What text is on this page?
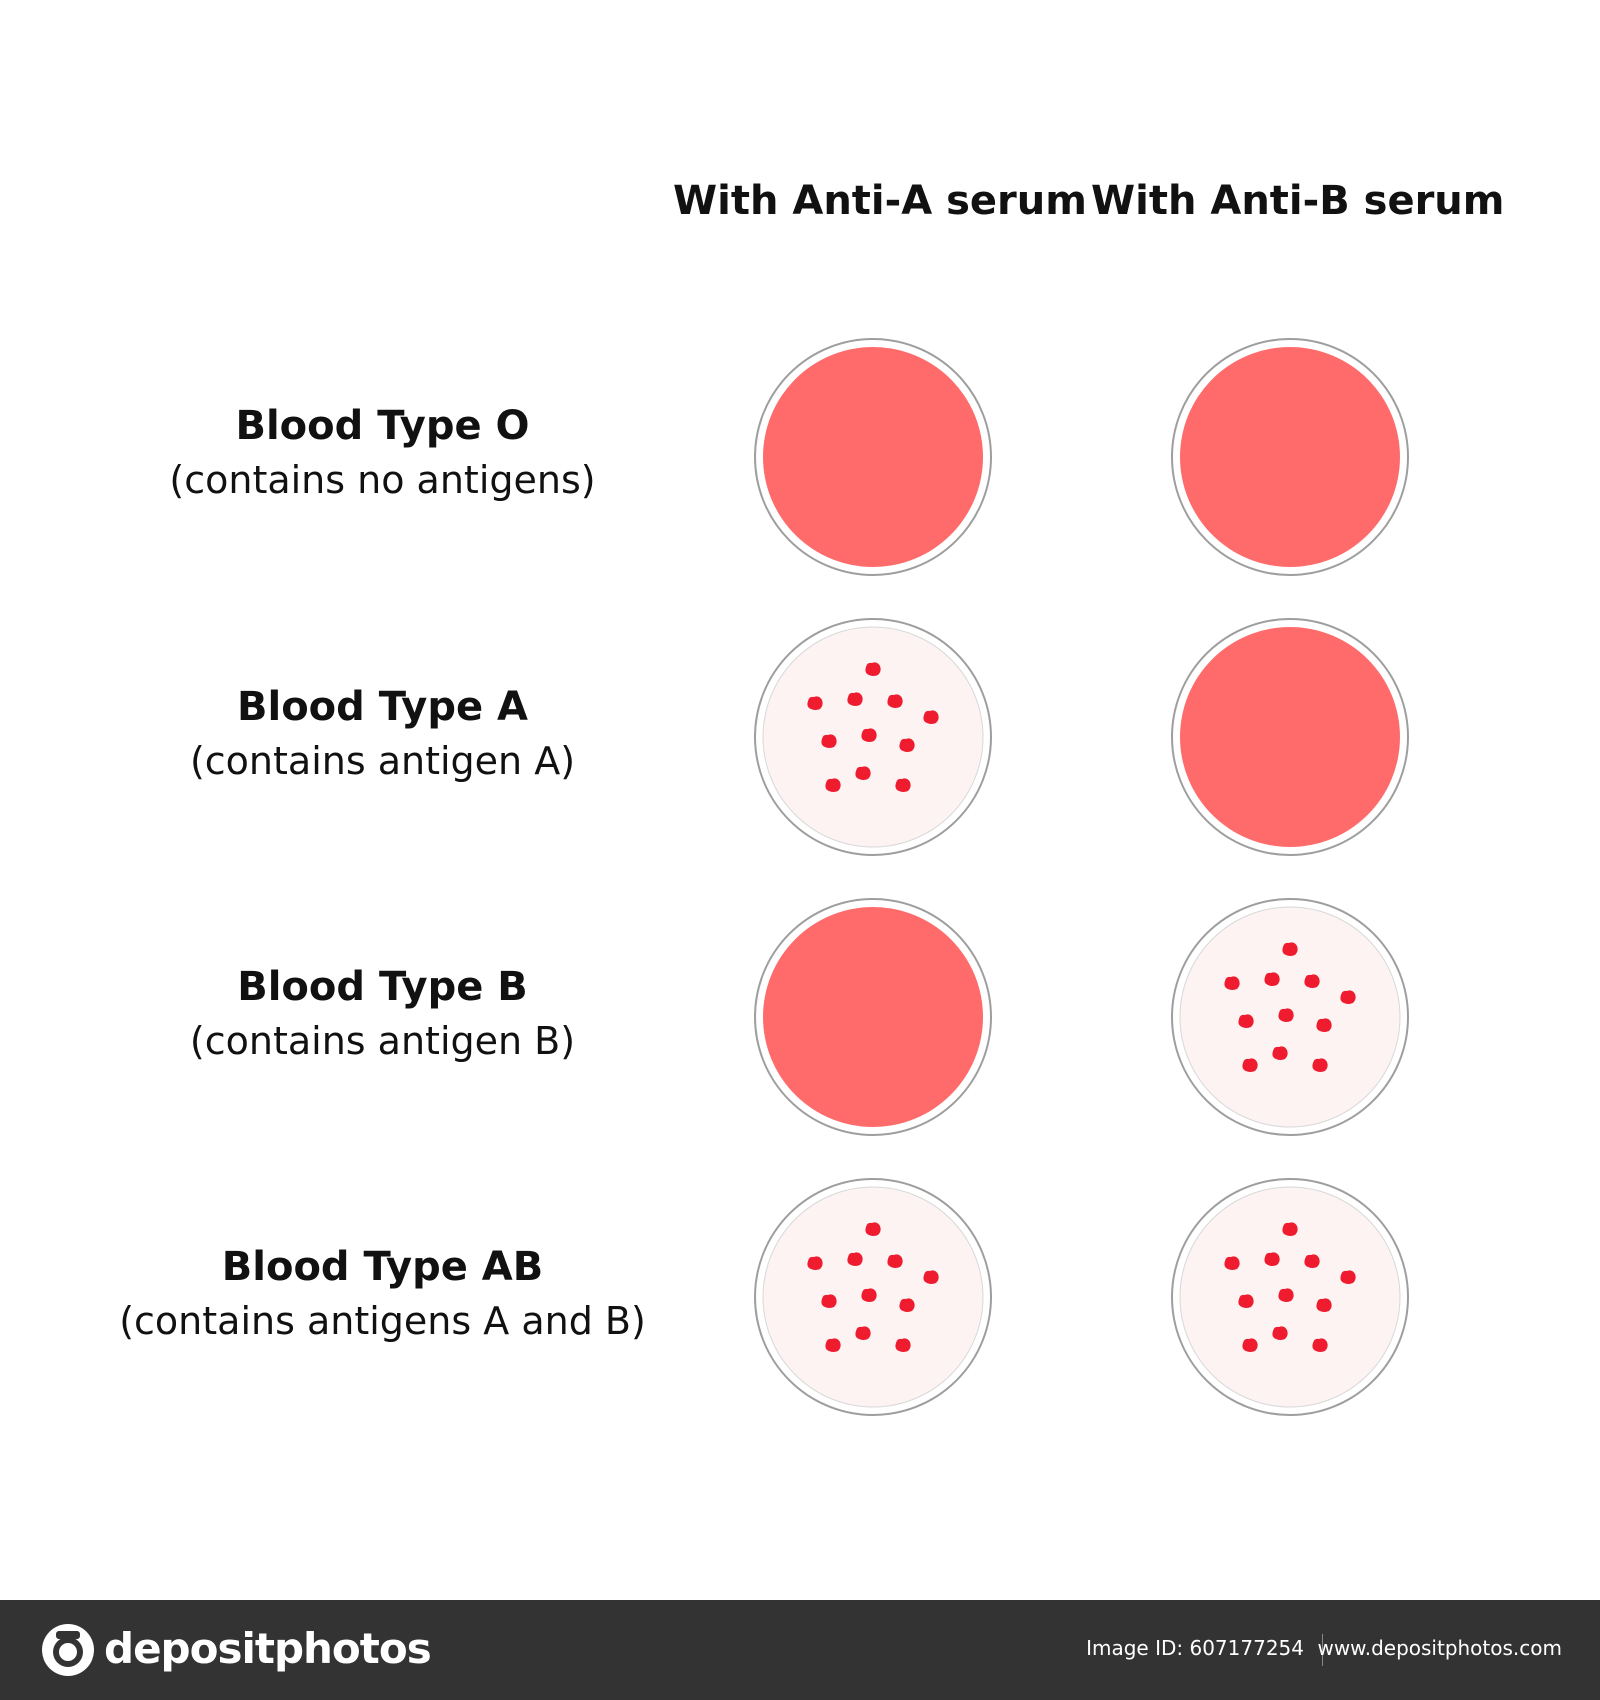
With Anti-A serum With Anti-B serum
Blood Type O
(contains no antigens)
Blood Type A
(contains antigen A)
Blood Type B
(contains antigen B)
Blood Type AB
(contains antigens A and B)
depositphotos	Image ID: 607177254 www.depositphotos.com
